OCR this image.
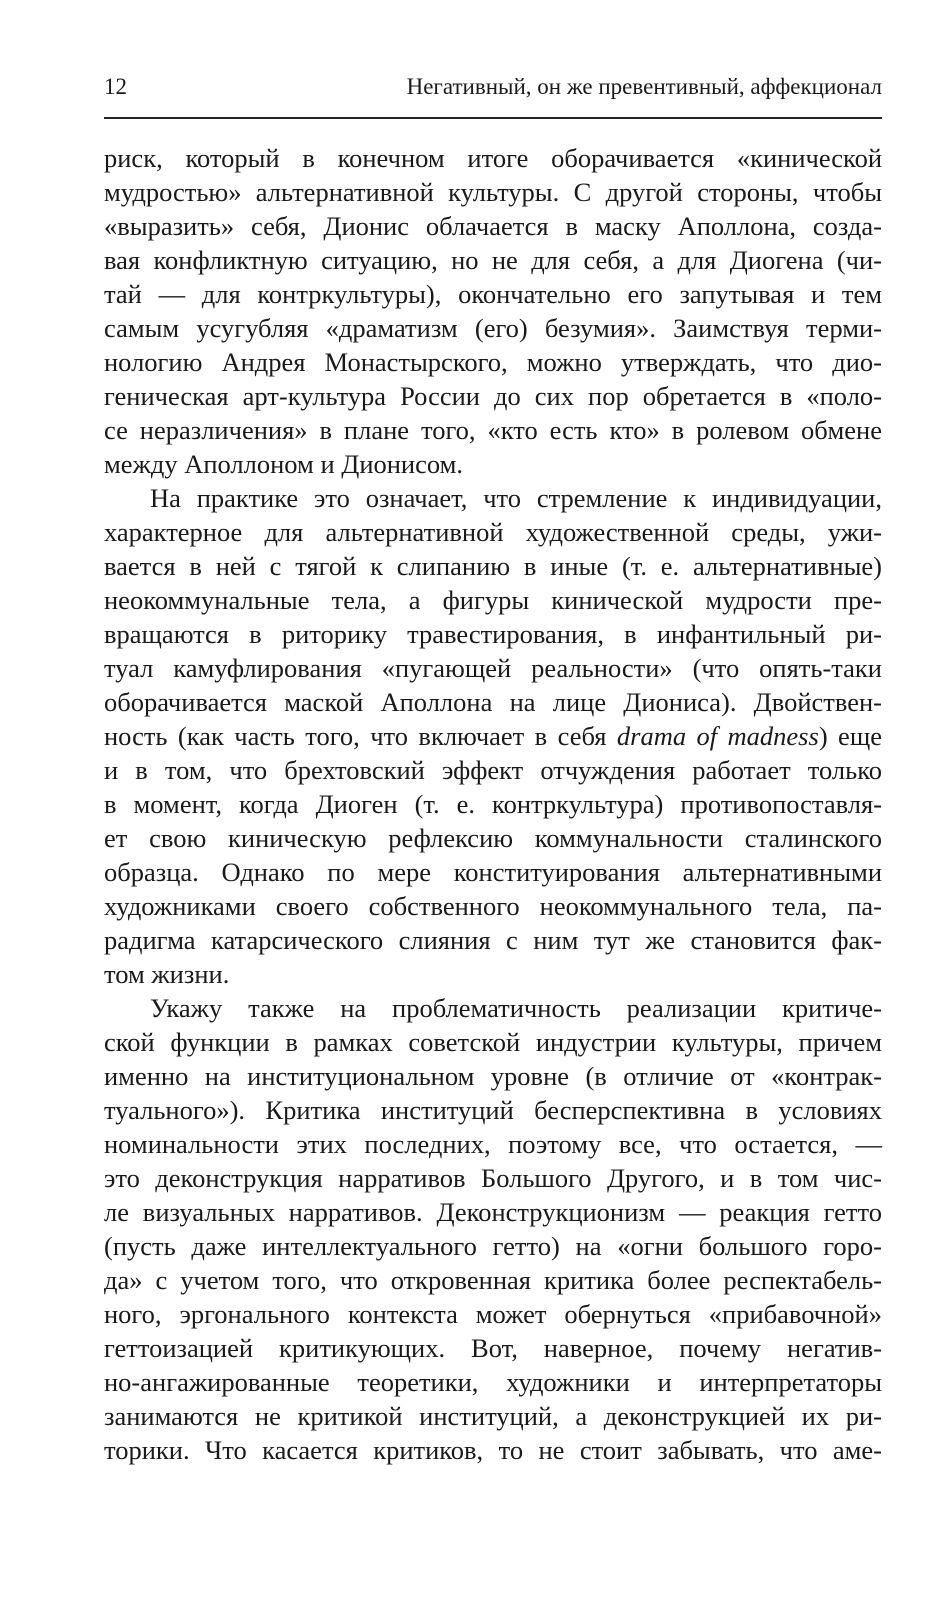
12	Негативный, он же превентивный, аффекционал
риск, который в конечном итоге оборачивается «кинической
мудростью» альтернативной культуры. С другой стороны, чтобы
«выразить» себя, Дионис облачается в маску Аполлона, созда-
вая конфликтную ситуацию, но не для себя, а для Диогена (чи-
тай — для контркультуры), окончательно его запутывая и тем
самым усугубляя «драматизм (его) безумия». Заимствуя терми-
нологию Андрея Монастырского, можно утверждать, что дио-
геническая арт-культура России до сих пор обретается в «поло-
се неразличения» в плане того, «кто есть кто» в ролевом обмене
между Аполлоном и Дионисом.
На практике это означает, что стремление к индивидуации,
характерное для альтернативной художественной среды, ужи-
вается в ней с тягой к слипанию в иные (т. е. альтернативные)
неокоммунальные тела, а фигуры кинической мудрости пре-
вращаются в риторику травестирования, в инфантильный ри-
туал камуфлирования «пугающей реальности» (что опять-таки
оборачивается маской Аполлона на лице Диониса). Двойствен-
ность (как часть того, что включает в себя drama of madness) еще
и в том, что брехтовский эффект отчуждения работает только
в момент, когда Диоген (т. е. контркультура) противопоставля-
ет свою киническую рефлексию коммунальности сталинского
образца. Однако по мере конституирования альтернативными
художниками своего собственного неокоммунального тела, па-
радигма катарсического слияния с ним тут же становится фак-
том жизни.
Укажу также на проблематичность реализации критиче-
ской функции в рамках советской индустрии культуры, причем
именно на институциональном уровне (в отличие от «контрак-
туального»). Критика институций бесперспективна в условиях
номинальности этих последних, поэтому все, что остается, —
это деконструкция нарративов Большого Другого, и в том чис-
ле визуальных нарративов. Деконструкционизм — реакция гетто
(пусть даже интеллектуального гетто) на «огни большого горо-
да» с учетом того, что откровенная критика более респектабель-
ного, эргонального контекста может обернуться «прибавочной»
геттоизацией критикующих. Вот, наверное, почему негатив-
но-ангажированные теоретики, художники и интерпретаторы
занимаются не критикой институций, а деконструкцией их ри-
торики. Что касается критиков, то не стоит забывать, что аме-
